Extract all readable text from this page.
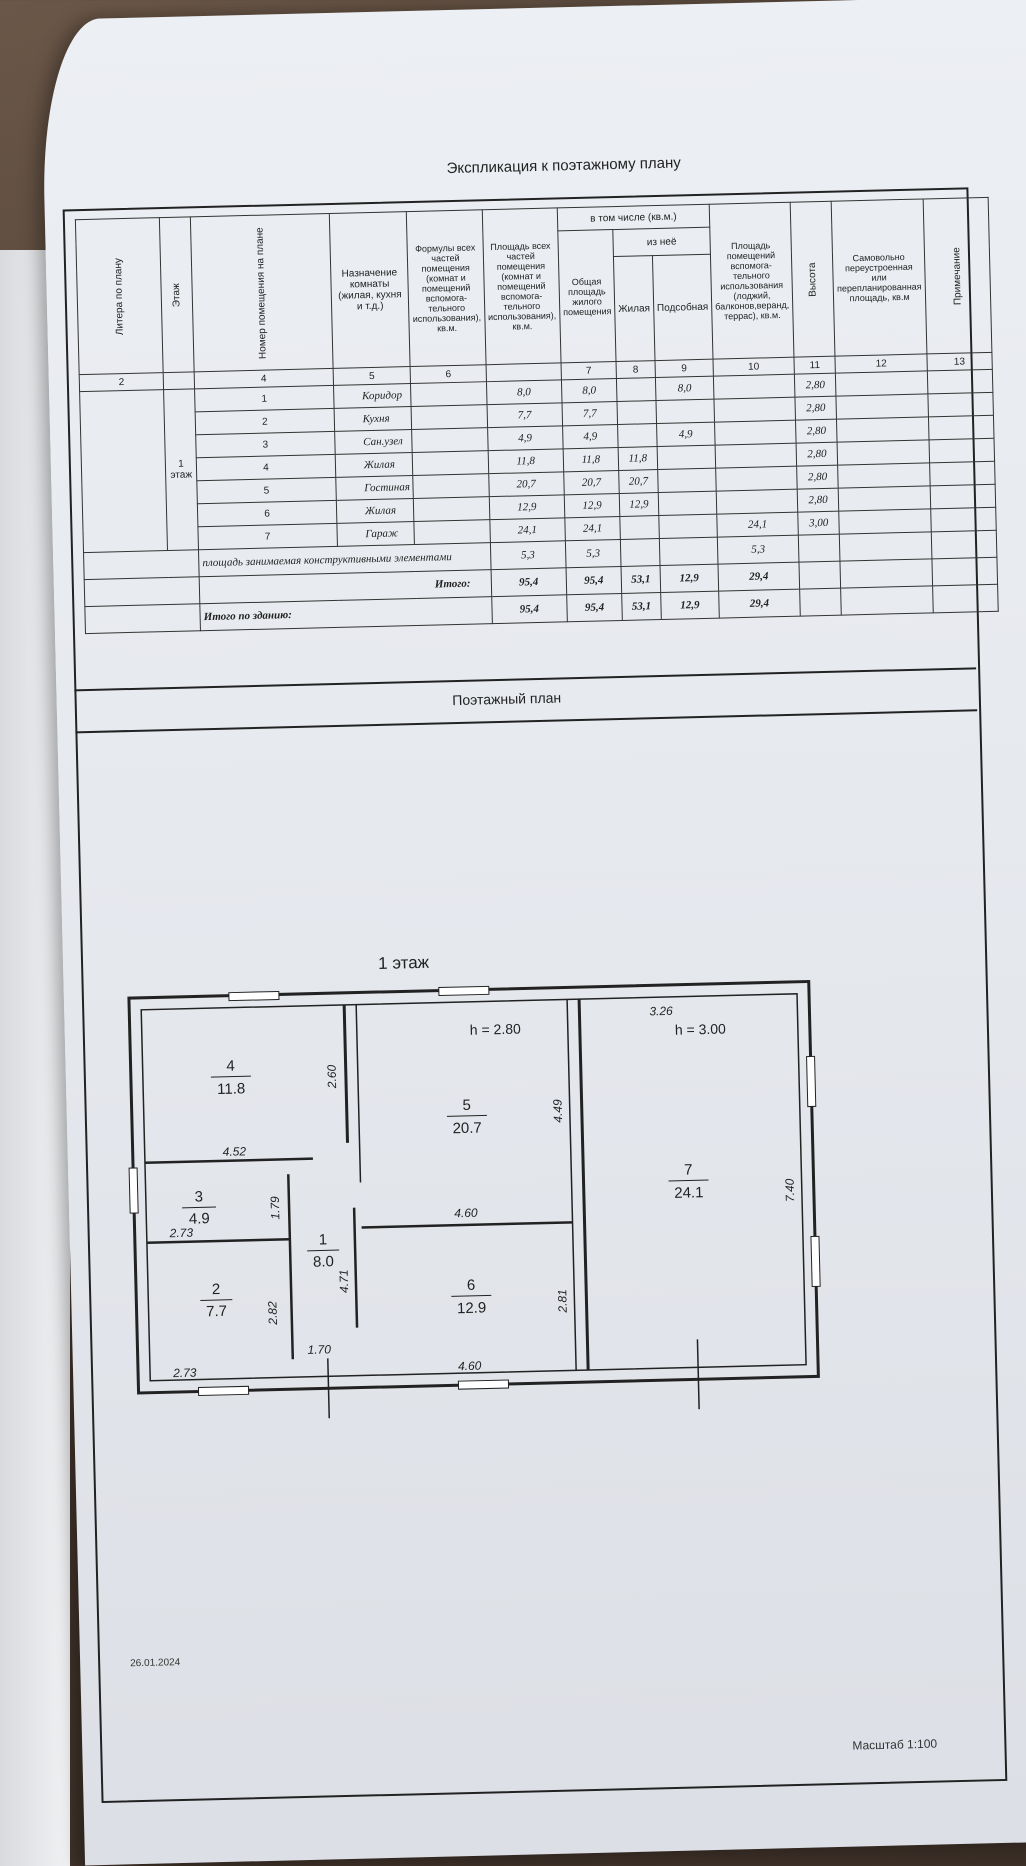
Экспликация к поэтажному плану
Литера по плану	Этаж	Номер помещения на плане	Назначение комнаты (жилая, кухня и т.д.)	Формулы всех частей помещения (комнат и помещений вспомога-тельного использования), кв.м.	Площадь всех частей помещения (комнат и помещений вспомога-тельного использования), кв.м.	в том числе (кв.м.)			Площадь помещений вспомога-тельного использования (лоджий, балконов,веранд, террас), кв.м.	Высота	Самовольно переустроенная или перепланированная площадь, кв.м	Примечание
						Общая площадь жилого помещения	из неё					
							Жилая	Подсобная				
2		4	5	6		7	8	9	10	11	12	13
	1 этаж	1	Коридор		8,0	8,0		8,0		2,80		
		2	Кухня		7,7	7,7				2,80		
		3	Сан.узел		4,9	4,9		4,9		2,80		
		4	Жилая		11,8	11,8	11,8			2,80		
		5	Гостиная		20,7	20,7	20,7			2,80		
		6	Жилая		12,9	12,9	12,9			2,80		
		7	Гараж		24,1	24,1			24,1	3,00		
		площадь занимаемая конструктивными элементами			5,3	5,3			5,3			
		Итого:			95,4	95,4	53,1	12,9	29,4			
		Итого по зданию:			95,4	95,4	53,1	12,9	29,4			
Поэтажный план
1 этаж
4
11.8
5
20.7
3
4.9
1
8.0
2
7.7
6
12.9
7
24.1
4.52
2.60
1.79
2.73
2.82
2.73
1.70
4.71
4.49
4.60
2.81
4.60
3.26
7.40
h = 2.80	h = 3.00
26.01.2024
Масштаб 1:100
